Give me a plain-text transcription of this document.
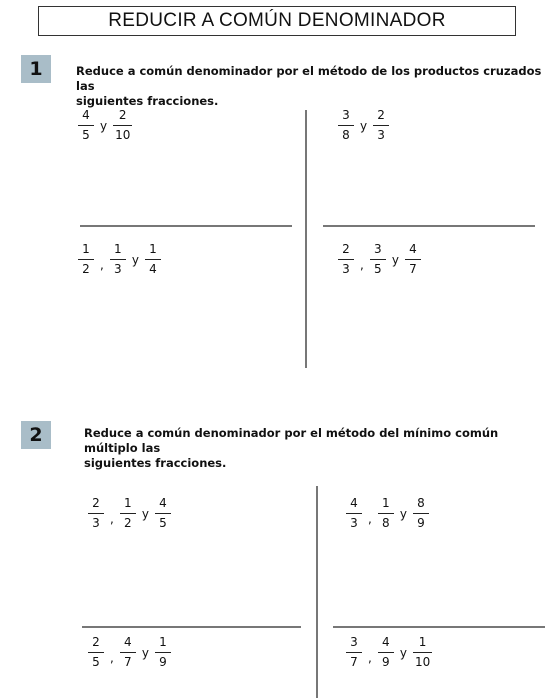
REDUCIR A COMÚN DENOMINADOR
1	Reduce a común denominador por el método de los productos cruzados las
siguientes fracciones.
$\frac{4}{5}$ y $\frac{2}{10}$	$\frac{3}{8}$ y $\frac{2}{3}$
$\frac{1}{2}$ , $\frac{1}{3}$ y $\frac{1}{4}$	$\frac{2}{3}$ , $\frac{3}{5}$ y $\frac{4}{7}$
2	Reduce a común denominador por el método del mínimo común múltiplo las
siguientes fracciones.
$\frac{2}{3}$ , $\frac{1}{2}$ y $\frac{4}{5}$	$\frac{4}{3}$ , $\frac{1}{8}$ y $\frac{8}{9}$
$\frac{2}{5}$ , $\frac{4}{7}$ y $\frac{1}{9}$	$\frac{3}{7}$ , $\frac{4}{9}$ y $\frac{1}{10}$
